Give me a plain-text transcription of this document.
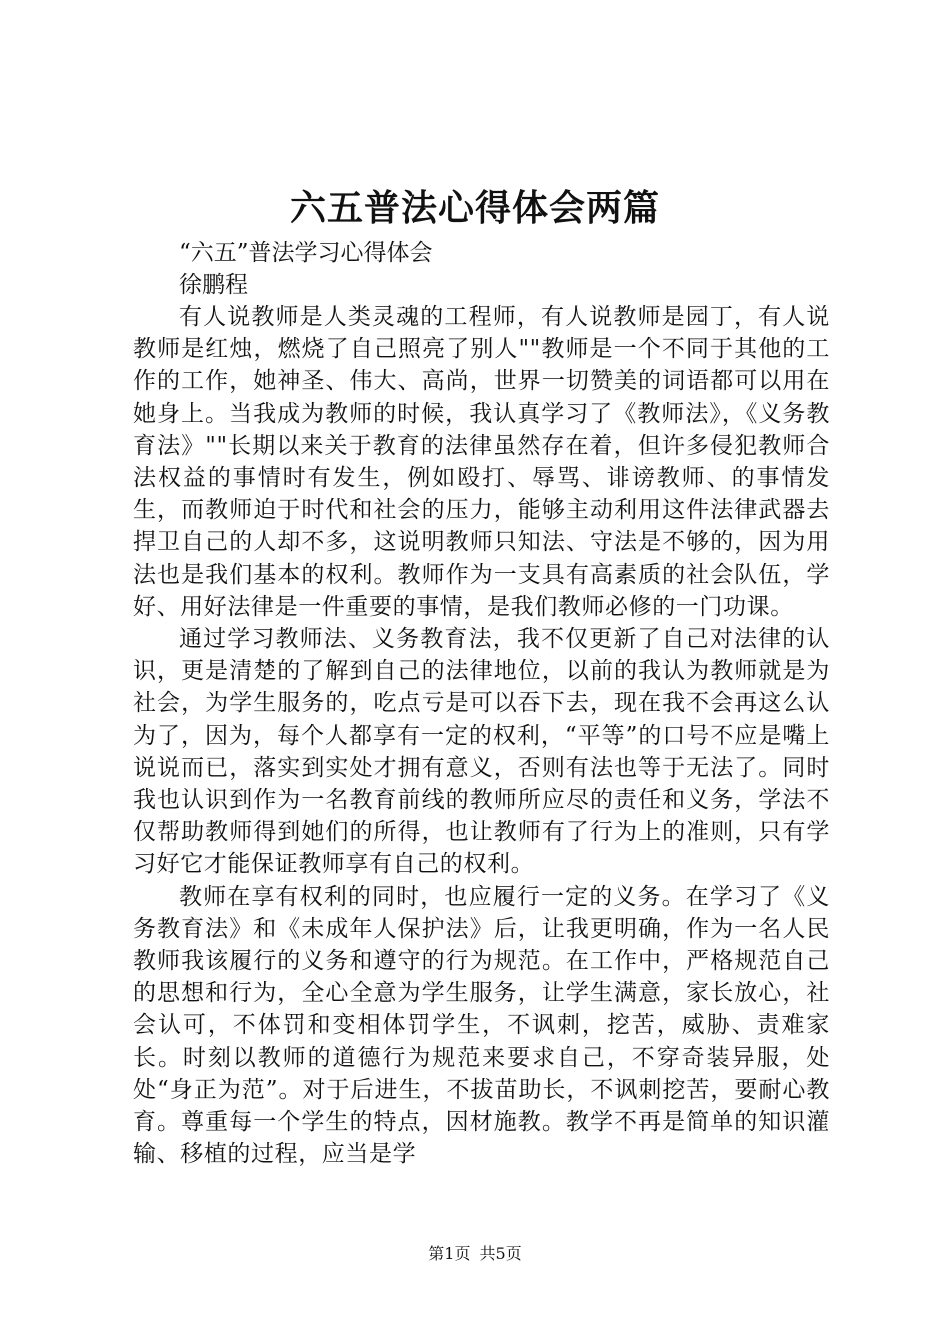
六五普法心得体会两篇
“六五”普法学习心得体会
徐鹏程

有人说教师是人类灵魂的工程师，有人说教师是园丁，有人说教师是红烛，燃烧了自己照亮了别人""教师是一个不同于其他的工作的工作，她神圣、伟大、高尚，世界一切赞美的词语都可以用在她身上。当我成为教师的时候，我认真学习了《教师法》，《义务教育法》""长期以来关于教育的法律虽然存在着，但许多侵犯教师合法权益的事情时有发生，例如殴打、辱骂、诽谤教师、的事情发生，而教师迫于时代和社会的压力，能够主动利用这件法律武器去捍卫自己的人却不多，这说明教师只知法、守法是不够的，因为用法也是我们基本的权利。教师作为一支具有高素质的社会队伍，学好、用好法律是一件重要的事情，是我们教师必修的一门功课。

通过学习教师法、义务教育法，我不仅更新了自己对法律的认识，更是清楚的了解到自己的法律地位，以前的我认为教师就是为社会，为学生服务的，吃点亏是可以吞下去，现在我不会再这么认为了，因为，每个人都享有一定的权利，“平等”的口号不应是嘴上说说而已，落实到实处才拥有意义，否则有法也等于无法了。同时我也认识到作为一名教育前线的教师所应尽的责任和义务，学法不仅帮助教师得到她们的所得，也让教师有了行为上的准则，只有学习好它才能保证教师享有自己的权利。

教师在享有权利的同时，也应履行一定的义务。在学习了《义务教育法》和《未成年人保护法》后，让我更明确，作为一名人民教师我该履行的义务和遵守的行为规范。在工作中，严格规范自己的思想和行为，全心全意为学生服务，让学生满意，家长放心，社会认可，不体罚和变相体罚学生，不讽刺，挖苦，威胁、责难家长。时刻以教师的道德行为规范来要求自己，不穿奇装异服，处处“身正为范”。对于后进生，不拔苗助长，不讽刺挖苦，要耐心教育。尊重每一个学生的特点，因材施教。教学不再是简单的知识灌输、移植的过程，应当是学

第1页 共5页
